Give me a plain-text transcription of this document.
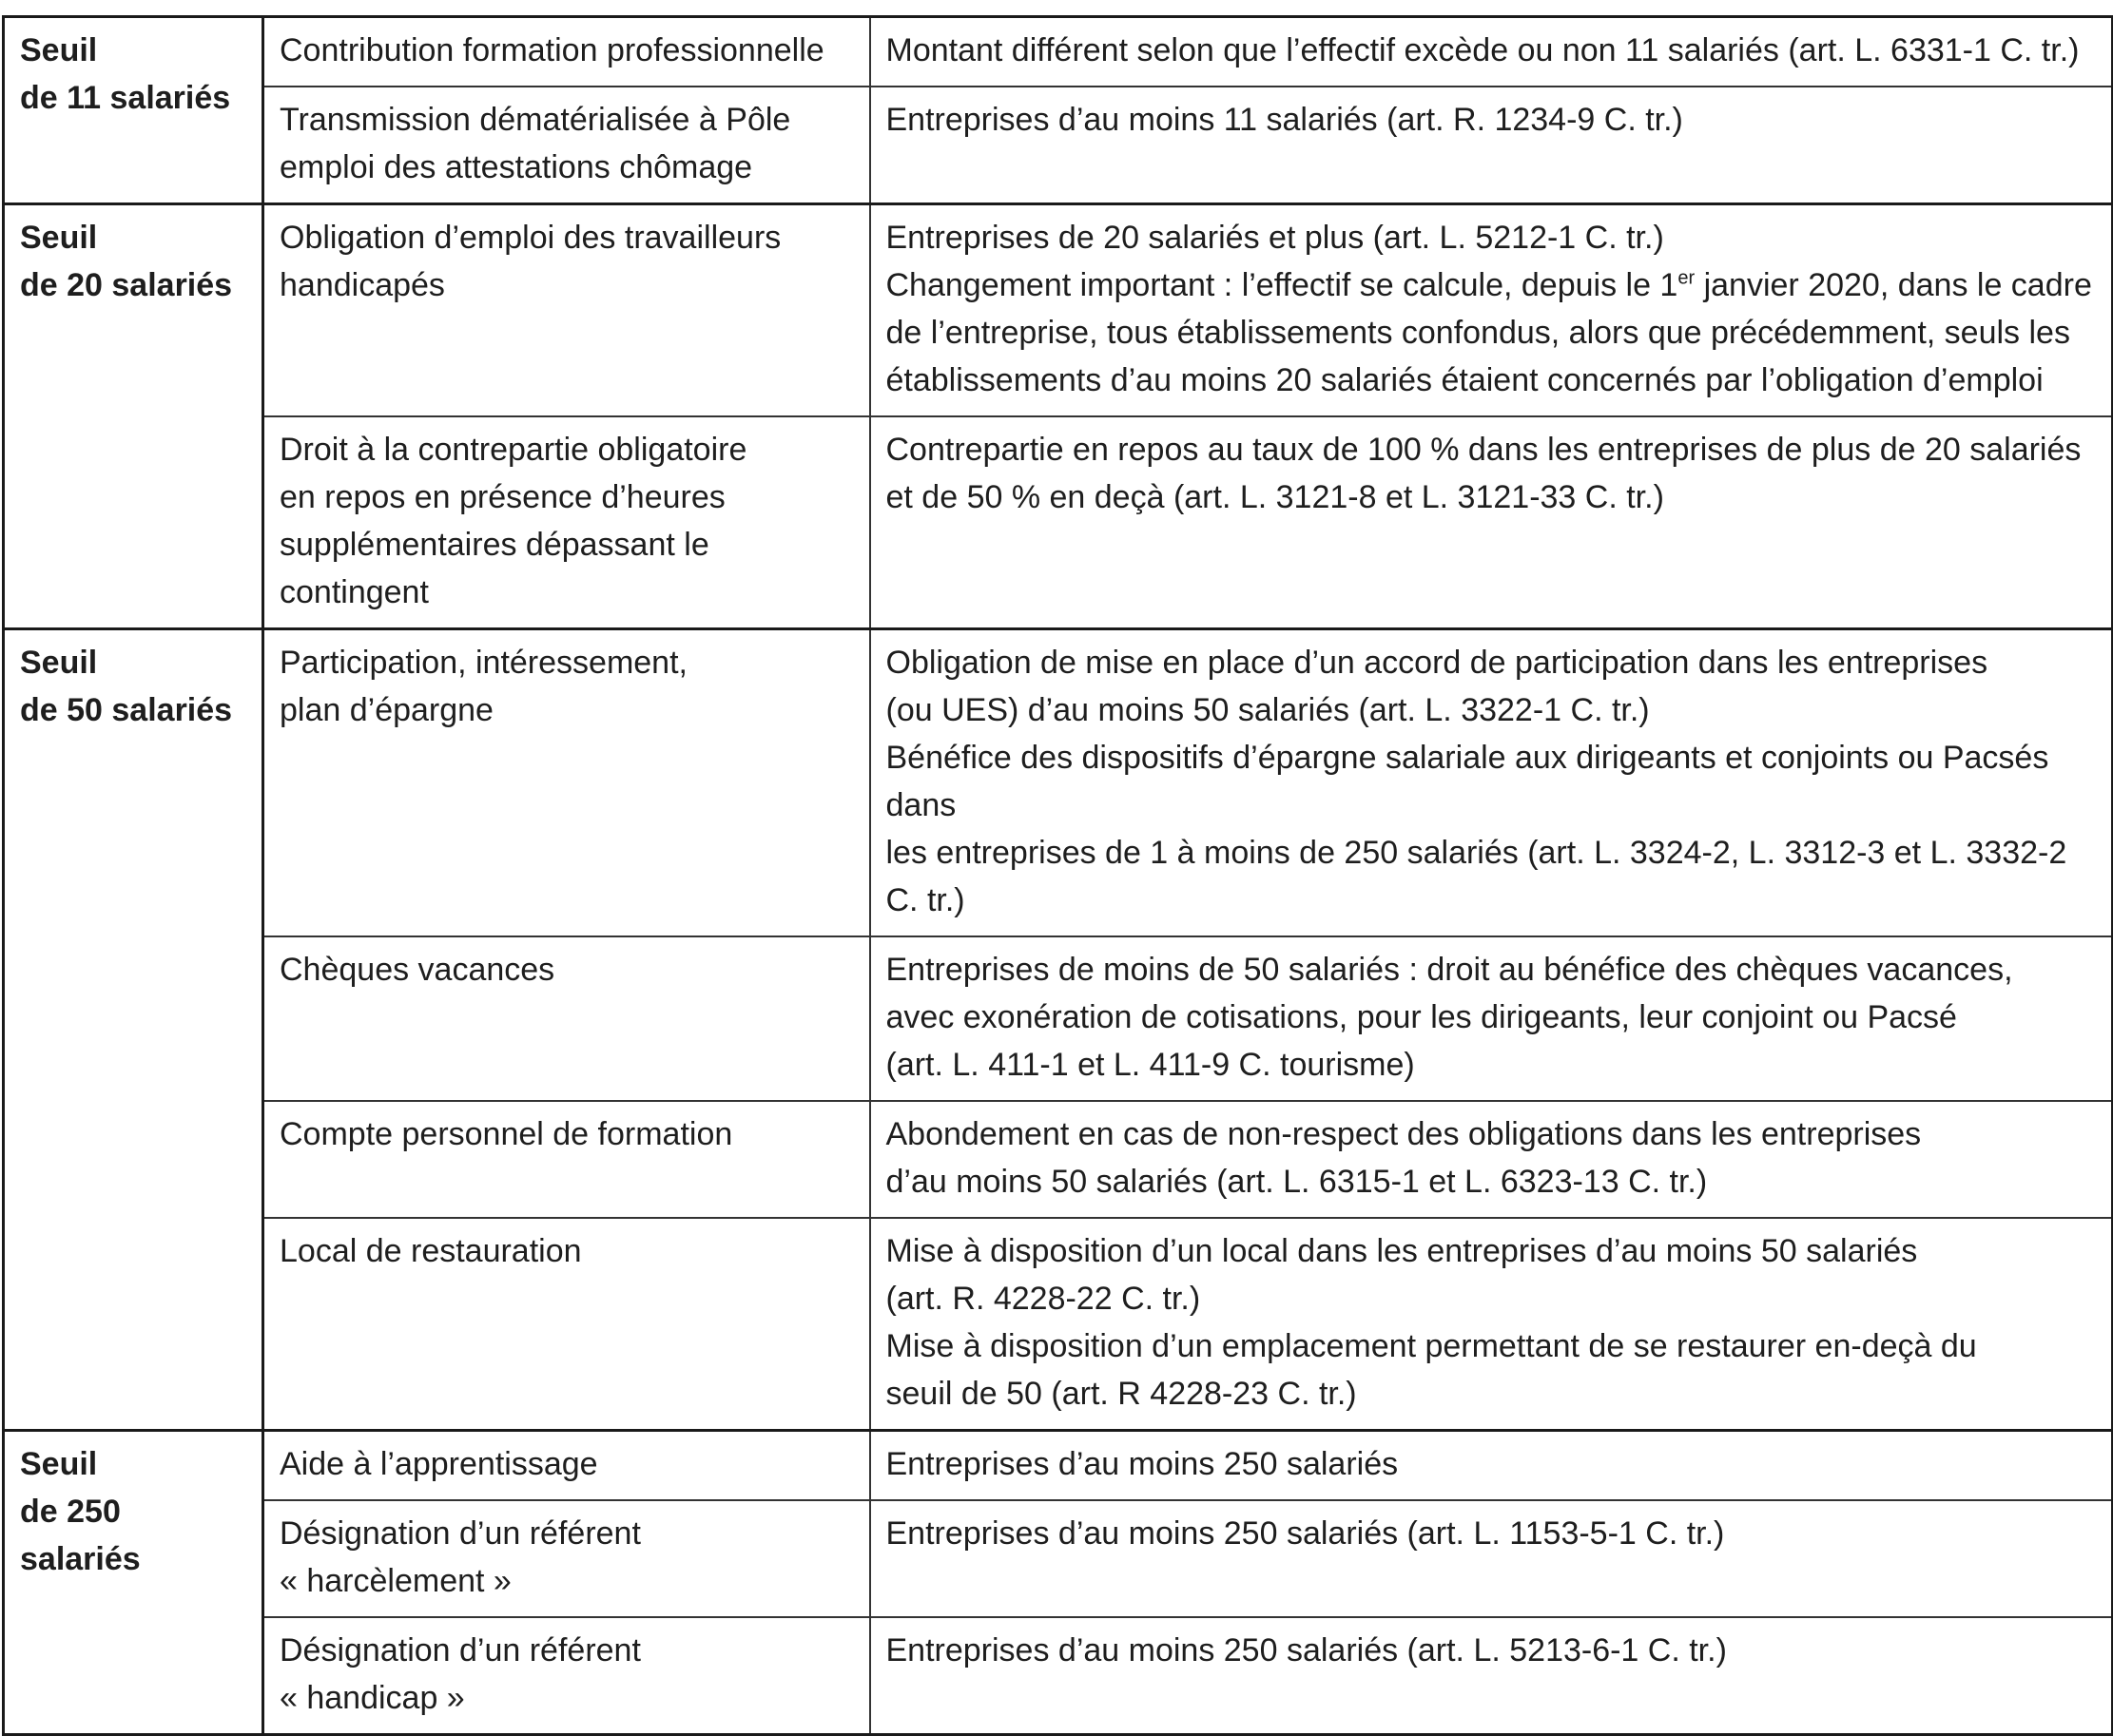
Seuil
de 11 salariés	Contribution formation professionnelle	Montant différent selon que l’effectif excède ou non 11 salariés (art. L. 6331-1 C. tr.)

	Transmission dématérialisée à Pôle
emploi des attestations chômage	Entreprises d’au moins 11 salariés (art. R. 1234-9 C. tr.)

Seuil
de 20 salariés	Obligation d’emploi des travailleurs
handicapés	Entreprises de 20 salariés et plus (art. L. 5212-1 C. tr.)
Changement important : l’effectif se calcule, depuis le 1er janvier 2020, dans le cadre
de l’entreprise, tous établissements confondus, alors que précédemment, seuls les
établissements d’au moins 20 salariés étaient concernés par l’obligation d’emploi

	Droit à la contrepartie obligatoire
en repos en présence d’heures
supplémentaires dépassant le contingent	Contrepartie en repos au taux de 100 % dans les entreprises de plus de 20 salariés
et de 50 % en deçà (art. L. 3121-8 et L. 3121-33 C. tr.)

Seuil
de 50 salariés	Participation, intéressement,
plan d’épargne	Obligation de mise en place d’un accord de participation dans les entreprises
(ou UES) d’au moins 50 salariés (art. L. 3322-1 C. tr.)
Bénéfice des dispositifs d’épargne salariale aux dirigeants et conjoints ou Pacsés dans
les entreprises de 1 à moins de 250 salariés (art. L. 3324-2, L. 3312-3 et L. 3332-2 C. tr.)

	Chèques vacances	Entreprises de moins de 50 salariés : droit au bénéfice des chèques vacances,
avec exonération de cotisations, pour les dirigeants, leur conjoint ou Pacsé
(art. L. 411-1 et L. 411-9 C. tourisme)

	Compte personnel de formation	Abondement en cas de non-respect des obligations dans les entreprises
d’au moins 50 salariés (art. L. 6315-1 et L. 6323-13 C. tr.)

	Local de restauration	Mise à disposition d’un local dans les entreprises d’au moins 50 salariés
(art. R. 4228-22 C. tr.)
Mise à disposition d’un emplacement permettant de se restaurer en-deçà du
seuil de 50 (art. R 4228-23 C. tr.)

Seuil
de 250
salariés	Aide à l’apprentissage	Entreprises d’au moins 250 salariés

	Désignation d’un référent
« harcèlement »	Entreprises d’au moins 250 salariés (art. L. 1153-5-1 C. tr.)

	Désignation d’un référent
« handicap »	Entreprises d’au moins 250 salariés (art. L. 5213-6-1 C. tr.)
